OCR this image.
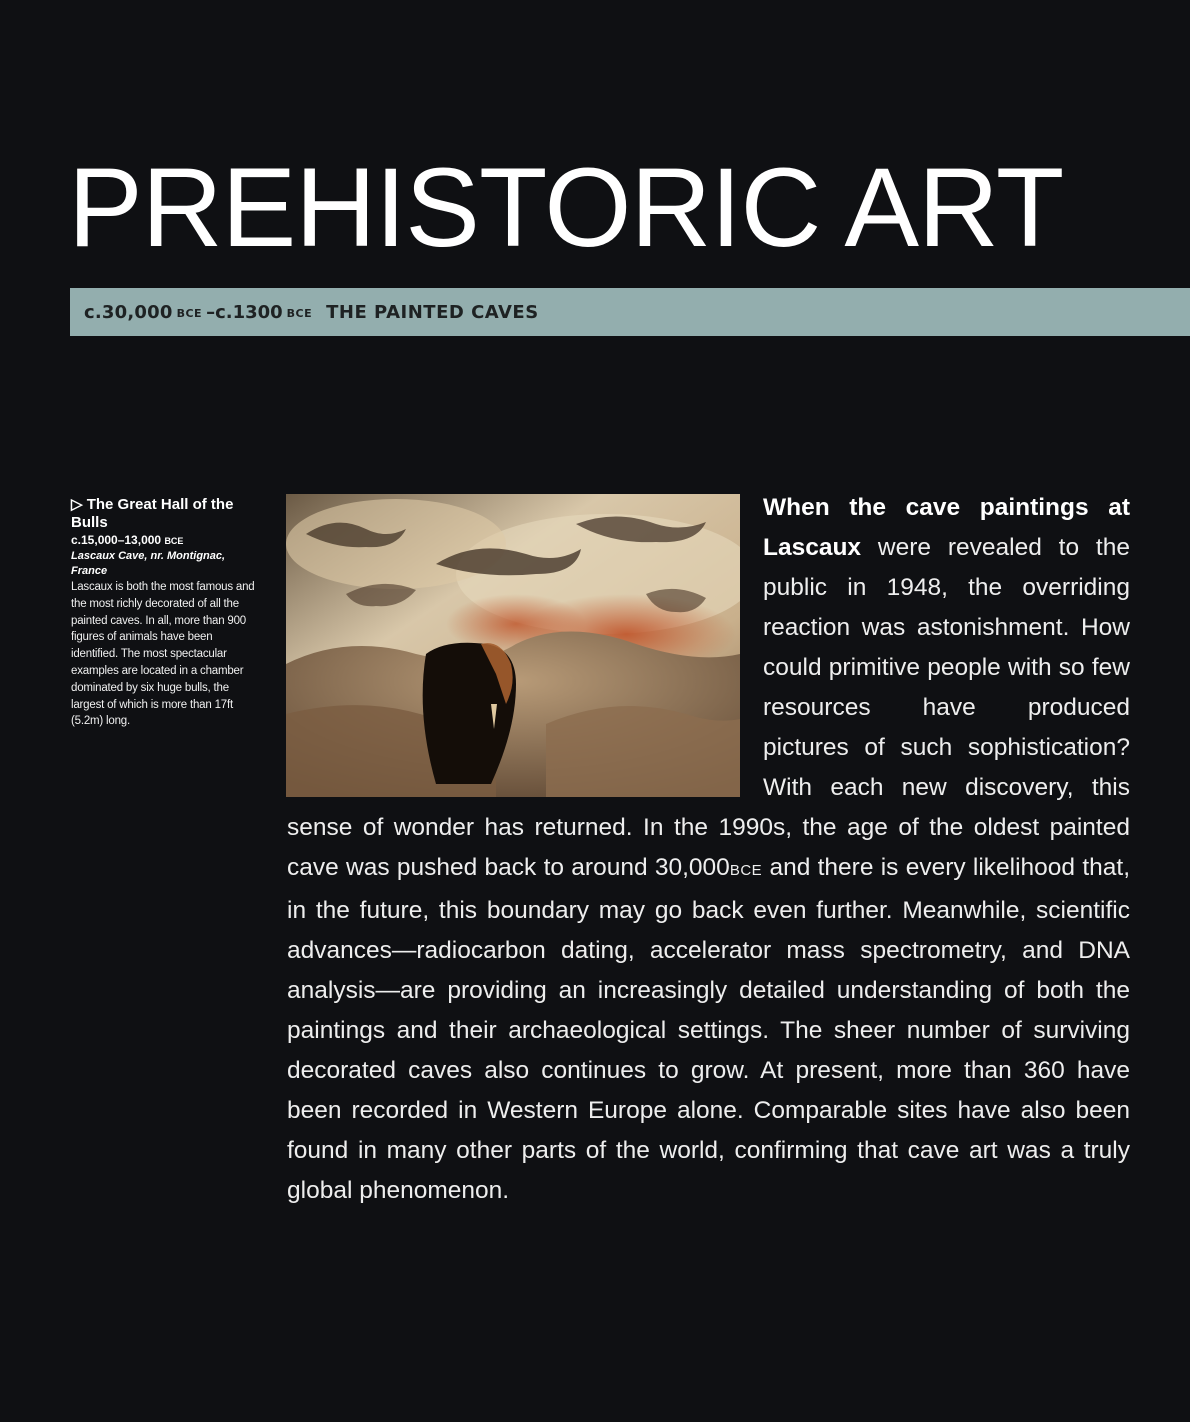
PREHISTORIC ART
c.30,000 BCE – c.1300 BCE THE PAINTED CAVES
▷ The Great Hall of the Bulls
c.15,000–13,000 BCE
Lascaux Cave, nr. Montignac, France
Lascaux is both the most famous and the most richly decorated of all the painted caves. In all, more than 900 figures of animals have been identified. The most spectacular examples are located in a chamber dominated by six huge bulls, the largest of which is more than 17ft (5.2m) long.

When the cave paintings at Lascaux were revealed to the public in 1948, the overriding reaction was astonishment. How could primitive people with so few resources have produced pictures of such sophistication? With each new discovery, this sense of wonder has returned. In the 1990s, the age of the oldest painted cave was pushed back to around 30,000BCE and there is every likelihood that, in the future, this boundary may go back even further. Meanwhile, scientific advances—radiocarbon dating, accelerator mass spectrometry, and DNA analysis—are providing an increasingly detailed understanding of both the paintings and their archaeological settings. The sheer number of surviving decorated caves also continues to grow. At present, more than 360 have been recorded in Western Europe alone. Comparable sites have also been found in many other parts of the world, confirming that cave art was a truly global phenomenon.
